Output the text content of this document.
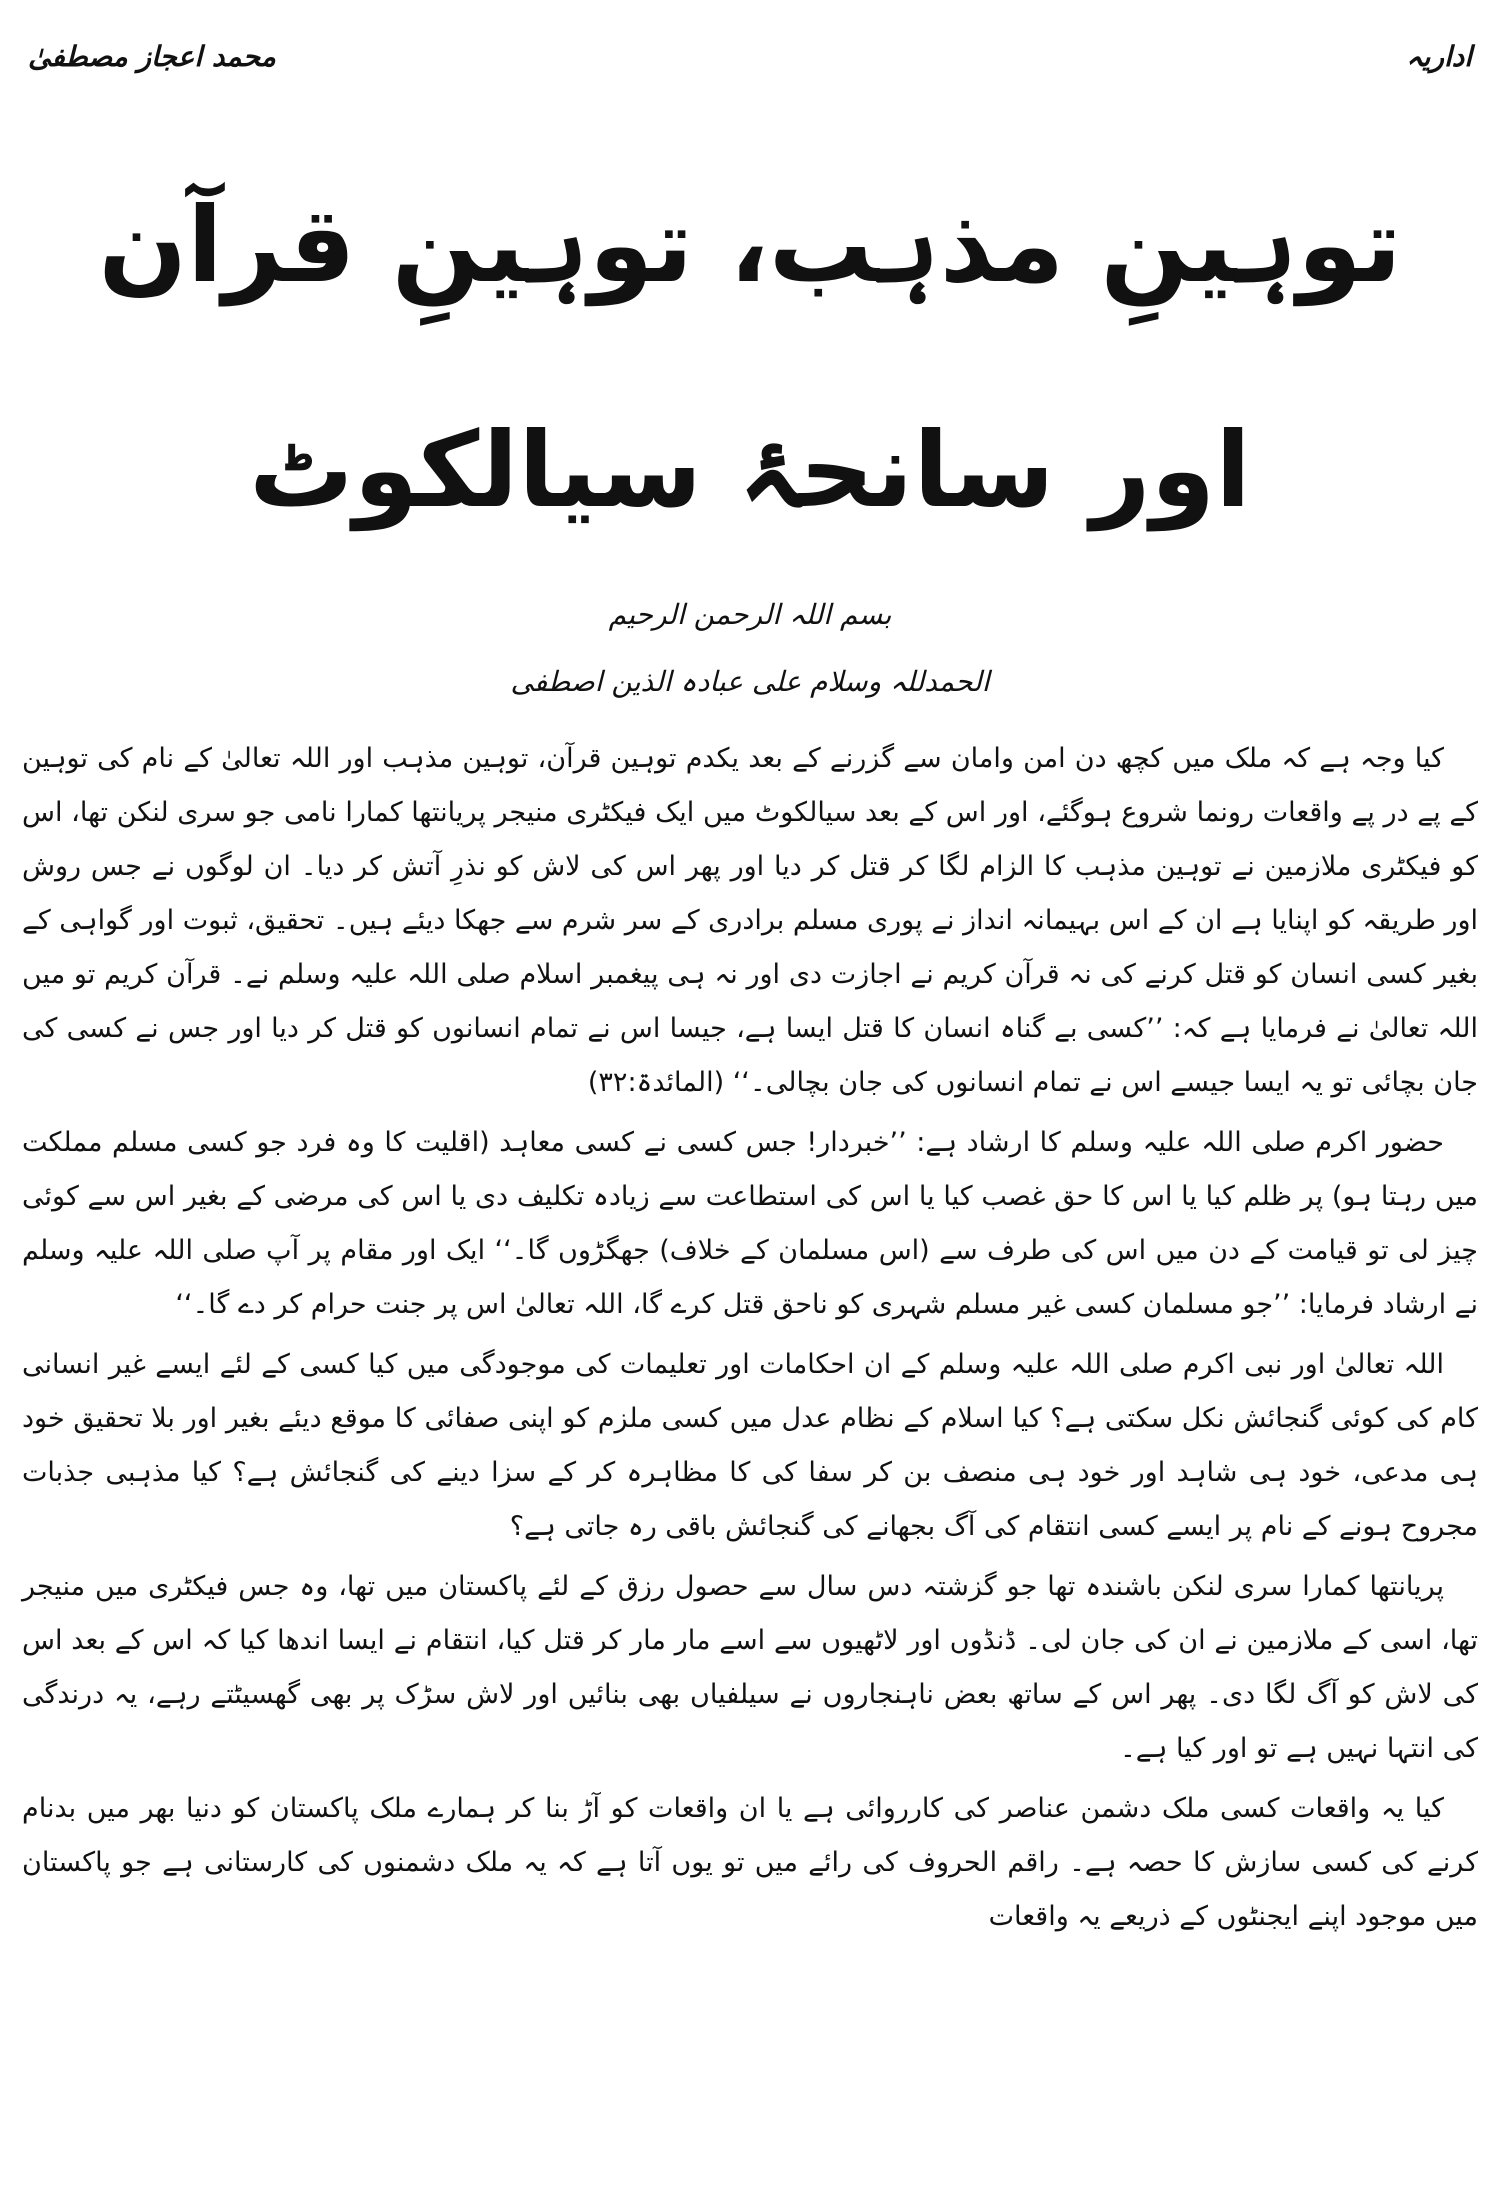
اداریہ
محمد اعجاز مصطفیٰ
توہینِ مذہب، توہینِ قرآن
اور سانحۂ سیالکوٹ
بسم اللہ الرحمن الرحیم
الحمدللہ وسلام علی عبادہ الذین اصطفی

کیا وجہ ہے کہ ملک میں کچھ دن امن وامان سے گزرنے کے بعد یکدم توہین قرآن، توہین مذہب اور اللہ تعالیٰ کے نام کی توہین کے پے در پے واقعات رونما شروع ہوگئے، اور اس کے بعد سیالکوٹ میں ایک فیکٹری منیجر پریانتھا کمارا نامی جو سری لنکن تھا، اس کو فیکٹری ملازمین نے توہین مذہب کا الزام لگا کر قتل کر دیا اور پھر اس کی لاش کو نذرِ آتش کر دیا۔ ان لوگوں نے جس روش اور طریقہ کو اپنایا ہے ان کے اس بہیمانہ انداز نے پوری مسلم برادری کے سر شرم سے جھکا دیئے ہیں۔ تحقیق، ثبوت اور گواہی کے بغیر کسی انسان کو قتل کرنے کی نہ قرآن کریم نے اجازت دی اور نہ ہی پیغمبر اسلام صلی اللہ علیہ وسلم نے۔ قرآن کریم تو میں اللہ تعالیٰ نے فرمایا ہے کہ: ’’کسی بے گناہ انسان کا قتل ایسا ہے، جیسا اس نے تمام انسانوں کو قتل کر دیا اور جس نے کسی کی جان بچائی تو یہ ایسا جیسے اس نے تمام انسانوں کی جان بچالی۔‘‘ (المائدۃ:۳۲)

حضور اکرم صلی اللہ علیہ وسلم کا ارشاد ہے: ’’خبردار! جس کسی نے کسی معاہد (اقلیت کا وہ فرد جو کسی مسلم مملکت میں رہتا ہو) پر ظلم کیا یا اس کا حق غصب کیا یا اس کی استطاعت سے زیادہ تکلیف دی یا اس کی مرضی کے بغیر اس سے کوئی چیز لی تو قیامت کے دن میں اس کی طرف سے (اس مسلمان کے خلاف) جھگڑوں گا۔‘‘ ایک اور مقام پر آپ صلی اللہ علیہ وسلم نے ارشاد فرمایا: ’’جو مسلمان کسی غیر مسلم شہری کو ناحق قتل کرے گا، اللہ تعالیٰ اس پر جنت حرام کر دے گا۔‘‘

اللہ تعالیٰ اور نبی اکرم صلی اللہ علیہ وسلم کے ان احکامات اور تعلیمات کی موجودگی میں کیا کسی کے لئے ایسے غیر انسانی کام کی کوئی گنجائش نکل سکتی ہے؟ کیا اسلام کے نظام عدل میں کسی ملزم کو اپنی صفائی کا موقع دیئے بغیر اور بلا تحقیق خود ہی مدعی، خود ہی شاہد اور خود ہی منصف بن کر سفا کی کا مظاہرہ کر کے سزا دینے کی گنجائش ہے؟ کیا مذہبی جذبات مجروح ہونے کے نام پر ایسے کسی انتقام کی آگ بجھانے کی گنجائش باقی رہ جاتی ہے؟

پریانتھا کمارا سری لنکن باشندہ تھا جو گزشتہ دس سال سے حصول رزق کے لئے پاکستان میں تھا، وہ جس فیکٹری میں منیجر تھا، اسی کے ملازمین نے ان کی جان لی۔ ڈنڈوں اور لاٹھیوں سے اسے مار مار کر قتل کیا، انتقام نے ایسا اندھا کیا کہ اس کے بعد اس کی لاش کو آگ لگا دی۔ پھر اس کے ساتھ بعض ناہنجاروں نے سیلفیاں بھی بنائیں اور لاش سڑک پر بھی گھسیٹتے رہے، یہ درندگی کی انتہا نہیں ہے تو اور کیا ہے۔

کیا یہ واقعات کسی ملک دشمن عناصر کی کارروائی ہے یا ان واقعات کو آڑ بنا کر ہمارے ملک پاکستان کو دنیا بھر میں بدنام کرنے کی کسی سازش کا حصہ ہے۔ راقم الحروف کی رائے میں تو یوں آتا ہے کہ یہ ملک دشمنوں کی کارستانی ہے جو پاکستان میں موجود اپنے ایجنٹوں کے ذریعے یہ واقعات
